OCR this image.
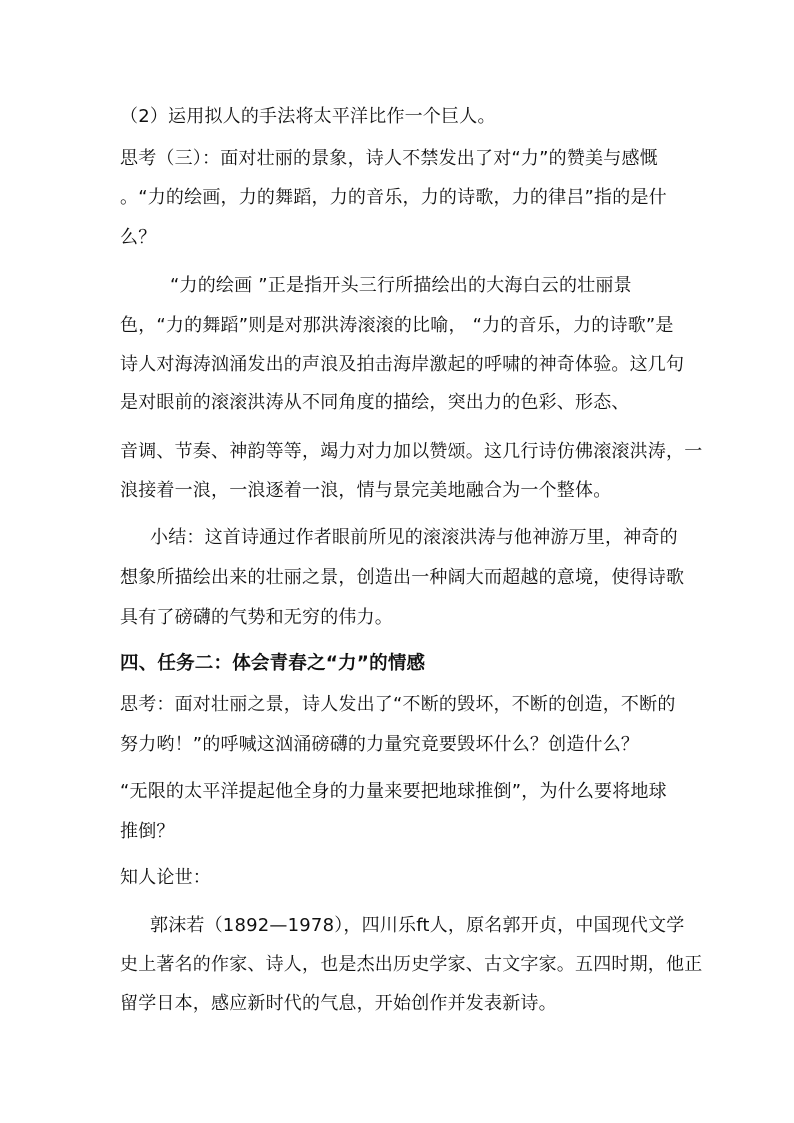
（2）运用拟人的手法将太平洋比作一个巨人。
思考（三）：面对壮丽的景象，诗人不禁发出了对“力”的赞美与感慨
。“力的绘画，力的舞蹈，力的音乐，力的诗歌，力的律吕”指的是什
么？
“力的绘画 ”正是指开头三行所描绘出的大海白云的壮丽景
色，“力的舞蹈”则是对那洪涛滚滚的比喻， “力的音乐，力的诗歌”是
诗人对海涛汹涌发出的声浪及拍击海岸激起的呼啸的神奇体验。这几句
是对眼前的滚滚洪涛从不同角度的描绘，突出力的色彩、形态、
音调、节奏、神韵等等，竭力对力加以赞颂。这几行诗仿佛滚滚洪涛，一
浪接着一浪，一浪逐着一浪，情与景完美地融合为一个整体。
小结：这首诗通过作者眼前所见的滚滚洪涛与他神游万里，神奇的
想象所描绘出来的壮丽之景，创造出一种阔大而超越的意境，使得诗歌
具有了磅礴的气势和无穷的伟力。
四、任务二：体会青春之“力”的情感
思考：面对壮丽之景，诗人发出了“不断的毁坏，不断的创造，不断的
努力哟！”的呼喊这汹涌磅礴的力量究竟要毁坏什么？创造什么？
“无限的太平洋提起他全身的力量来要把地球推倒”，为什么要将地球
推倒？
知人论世：
郭沫若（1892—1978），四川乐ft人，原名郭开贞，中国现代文学
史上著名的作家、诗人，也是杰出历史学家、古文字家。五四时期，他正
留学日本，感应新时代的气息，开始创作并发表新诗。
